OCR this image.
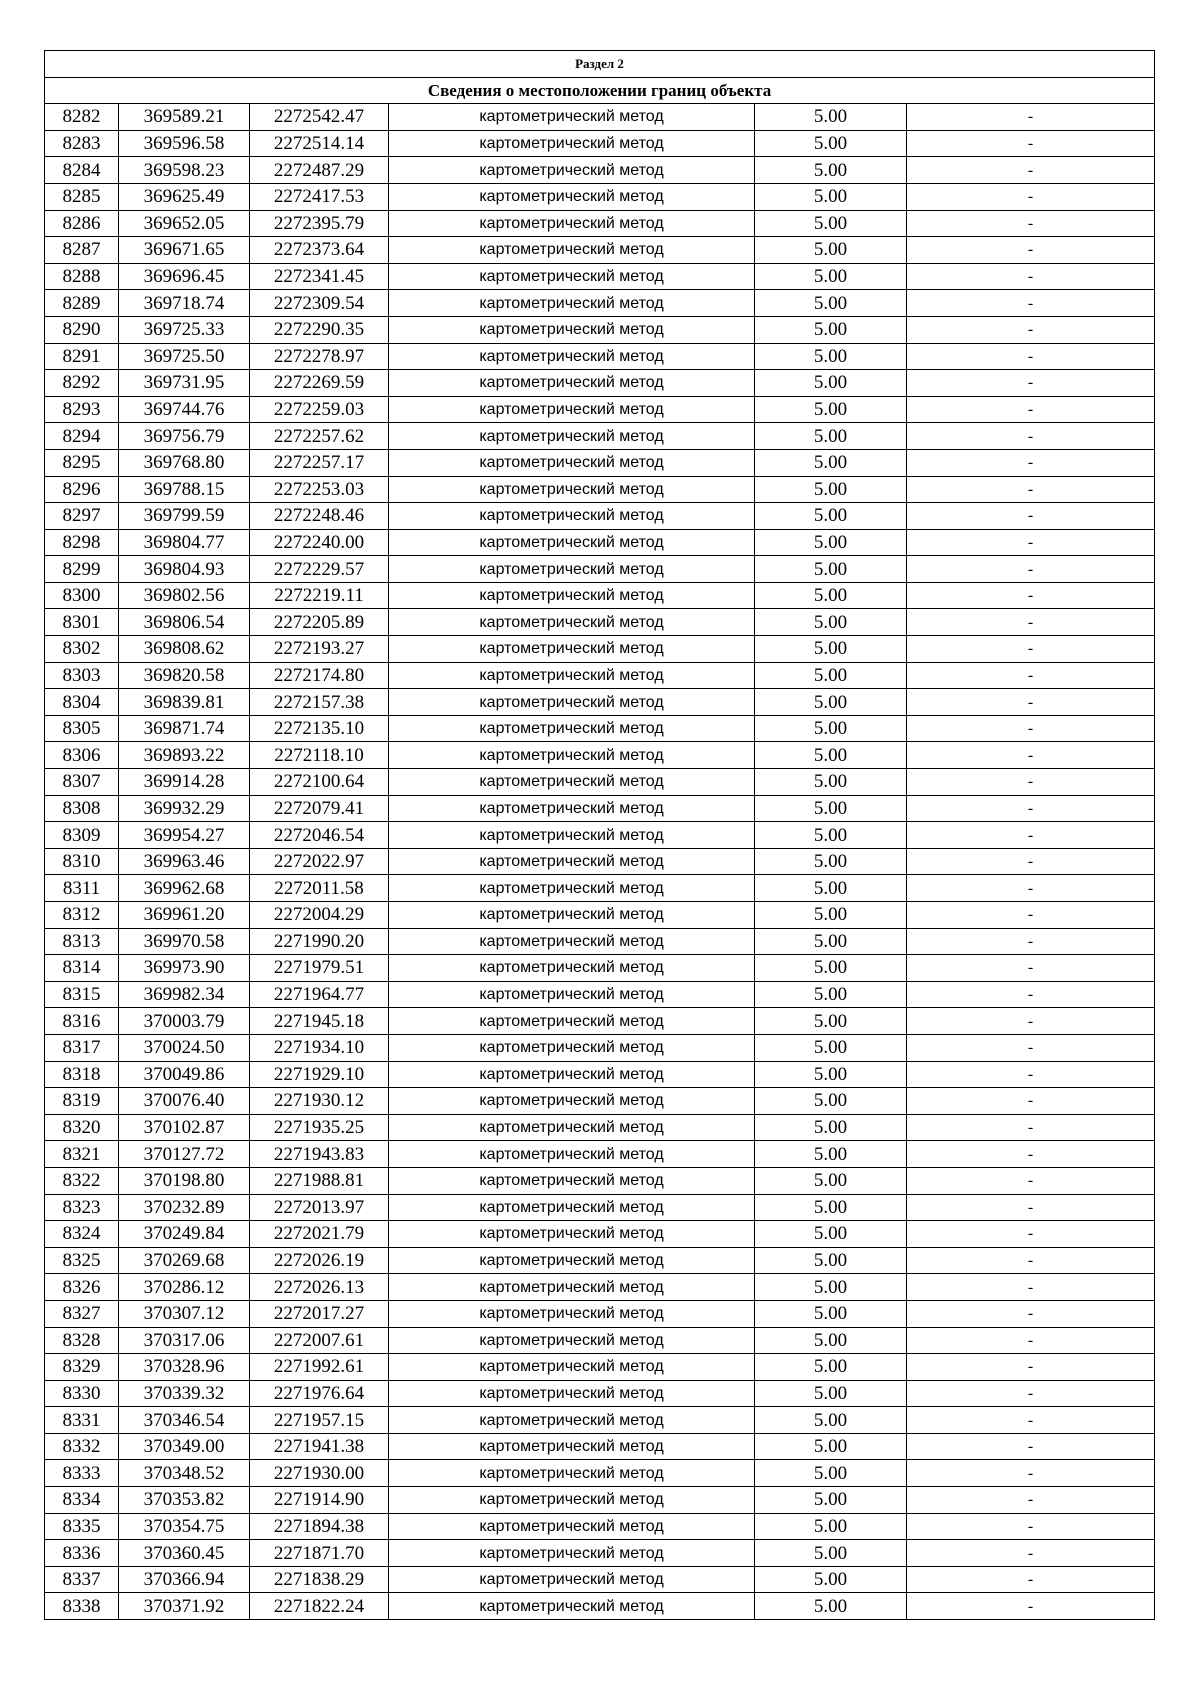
Раздел 2					
Сведения о местоположении границ объекта					
8282	369589.21	2272542.47	картометрический метод	5.00	-
8283	369596.58	2272514.14	картометрический метод	5.00	-
8284	369598.23	2272487.29	картометрический метод	5.00	-
8285	369625.49	2272417.53	картометрический метод	5.00	-
8286	369652.05	2272395.79	картометрический метод	5.00	-
8287	369671.65	2272373.64	картометрический метод	5.00	-
8288	369696.45	2272341.45	картометрический метод	5.00	-
8289	369718.74	2272309.54	картометрический метод	5.00	-
8290	369725.33	2272290.35	картометрический метод	5.00	-
8291	369725.50	2272278.97	картометрический метод	5.00	-
8292	369731.95	2272269.59	картометрический метод	5.00	-
8293	369744.76	2272259.03	картометрический метод	5.00	-
8294	369756.79	2272257.62	картометрический метод	5.00	-
8295	369768.80	2272257.17	картометрический метод	5.00	-
8296	369788.15	2272253.03	картометрический метод	5.00	-
8297	369799.59	2272248.46	картометрический метод	5.00	-
8298	369804.77	2272240.00	картометрический метод	5.00	-
8299	369804.93	2272229.57	картометрический метод	5.00	-
8300	369802.56	2272219.11	картометрический метод	5.00	-
8301	369806.54	2272205.89	картометрический метод	5.00	-
8302	369808.62	2272193.27	картометрический метод	5.00	-
8303	369820.58	2272174.80	картометрический метод	5.00	-
8304	369839.81	2272157.38	картометрический метод	5.00	-
8305	369871.74	2272135.10	картометрический метод	5.00	-
8306	369893.22	2272118.10	картометрический метод	5.00	-
8307	369914.28	2272100.64	картометрический метод	5.00	-
8308	369932.29	2272079.41	картометрический метод	5.00	-
8309	369954.27	2272046.54	картометрический метод	5.00	-
8310	369963.46	2272022.97	картометрический метод	5.00	-
8311	369962.68	2272011.58	картометрический метод	5.00	-
8312	369961.20	2272004.29	картометрический метод	5.00	-
8313	369970.58	2271990.20	картометрический метод	5.00	-
8314	369973.90	2271979.51	картометрический метод	5.00	-
8315	369982.34	2271964.77	картометрический метод	5.00	-
8316	370003.79	2271945.18	картометрический метод	5.00	-
8317	370024.50	2271934.10	картометрический метод	5.00	-
8318	370049.86	2271929.10	картометрический метод	5.00	-
8319	370076.40	2271930.12	картометрический метод	5.00	-
8320	370102.87	2271935.25	картометрический метод	5.00	-
8321	370127.72	2271943.83	картометрический метод	5.00	-
8322	370198.80	2271988.81	картометрический метод	5.00	-
8323	370232.89	2272013.97	картометрический метод	5.00	-
8324	370249.84	2272021.79	картометрический метод	5.00	-
8325	370269.68	2272026.19	картометрический метод	5.00	-
8326	370286.12	2272026.13	картометрический метод	5.00	-
8327	370307.12	2272017.27	картометрический метод	5.00	-
8328	370317.06	2272007.61	картометрический метод	5.00	-
8329	370328.96	2271992.61	картометрический метод	5.00	-
8330	370339.32	2271976.64	картометрический метод	5.00	-
8331	370346.54	2271957.15	картометрический метод	5.00	-
8332	370349.00	2271941.38	картометрический метод	5.00	-
8333	370348.52	2271930.00	картометрический метод	5.00	-
8334	370353.82	2271914.90	картометрический метод	5.00	-
8335	370354.75	2271894.38	картометрический метод	5.00	-
8336	370360.45	2271871.70	картометрический метод	5.00	-
8337	370366.94	2271838.29	картометрический метод	5.00	-
8338	370371.92	2271822.24	картометрический метод	5.00	-
